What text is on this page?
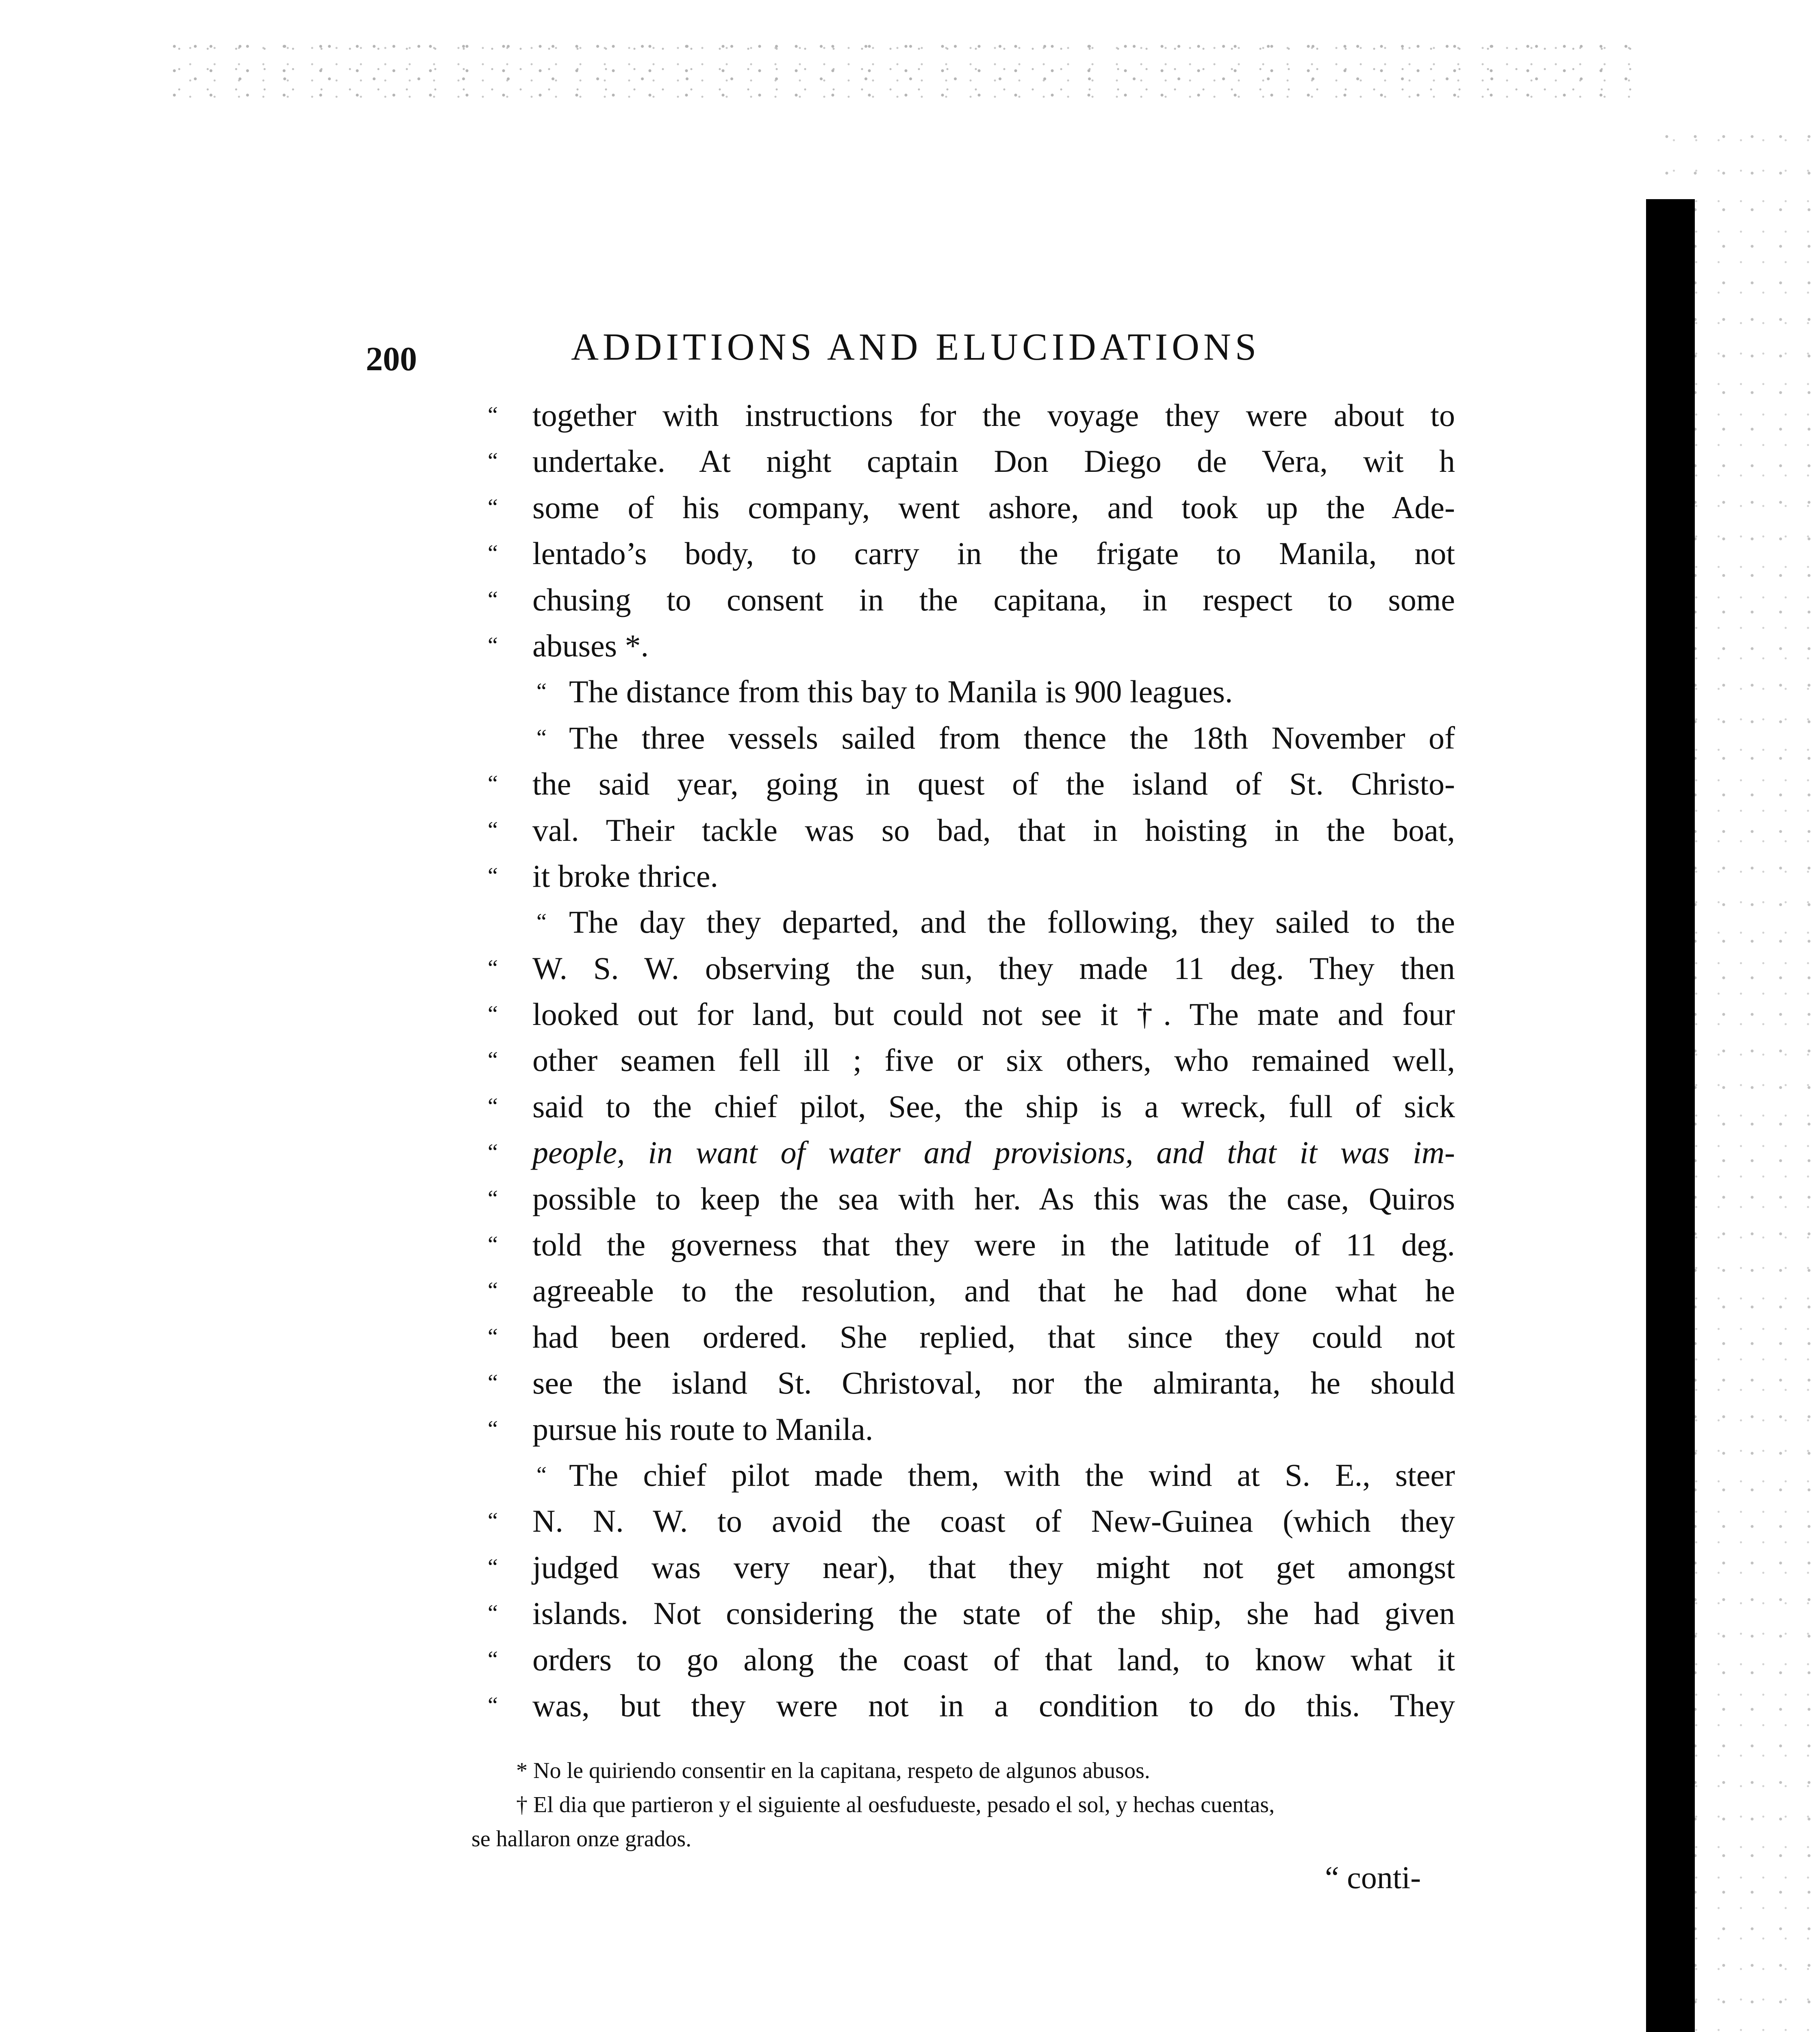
200	ADDITIONS AND ELUCIDATIONS
“	together with instructions for the voyage they were about to
“	undertake. At night captain Don Diego de Vera, wit h
“	some of his company, went ashore, and took up the Ade-
“	lentado’s body, to carry in the frigate to Manila, not
“	chusing to consent in the capitana, in respect to some
“	abuses *.
“ The distance from this bay to Manila is 900 leagues.
“ The three vessels sailed from thence the 18th November of
“	the said year, going in quest of the island of St. Christo-
“	val. Their tackle was so bad, that in hoisting in the boat,
“	it broke thrice.
“ The day they departed, and the following, they sailed to the
“	W. S. W. observing the sun, they made 11 deg. They then
“	looked out for land, but could not see it †. The mate and four
“	other seamen fell ill ; five or six others, who remained well,
“	said to the chief pilot, See, the ship is a wreck, full of sick
“	people, in want of water and provisions, and that it was im-
“	possible to keep the sea with her. As this was the case, Quiros
“	told the governess that they were in the latitude of 11 deg.
“	agreeable to the resolution, and that he had done what he
“	had been ordered. She replied, that since they could not
“	see the island St. Christoval, nor the almiranta, he should
“	pursue his route to Manila.
“ The chief pilot made them, with the wind at S. E., steer
“	N. N. W. to avoid the coast of New-Guinea (which they
“	judged was very near), that they might not get amongst
“	islands. Not considering the state of the ship, she had given
“	orders to go along the coast of that land, to know what it
“	was, but they were not in a condition to do this. They
* No le quiriendo consentir en la capitana, respeto de algunos abusos.
† El dia que partieron y el siguiente al oesfudueste, pesado el sol, y hechas cuentas,
se hallaron onze grados.
“ conti-
